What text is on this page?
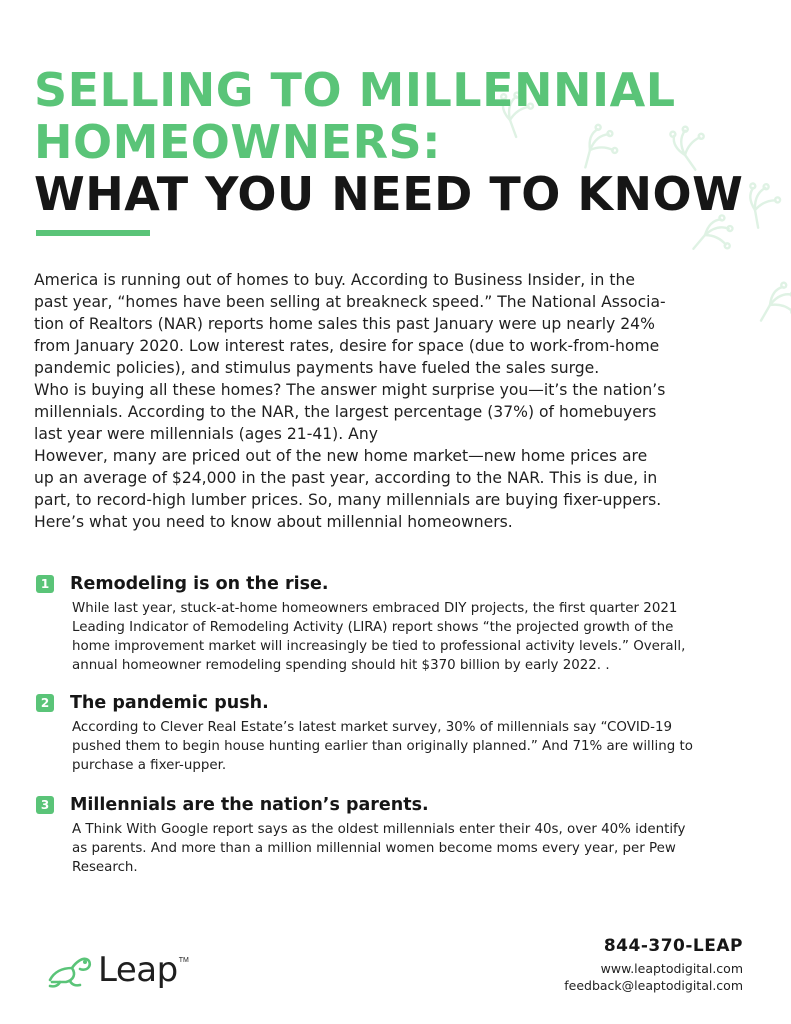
SELLING TO MILLENNIAL
HOMEOWNERS:
WHAT YOU NEED TO KNOW

America is running out of homes to buy. According to Business Insider, in the

past year, “homes have been selling at breakneck speed.” The National Associa-

tion of Realtors (NAR) reports home sales this past January were up nearly 24%

from January 2020. Low interest rates, desire for space (due to work-from-home

pandemic policies), and stimulus payments have fueled the sales surge.

Who is buying all these homes? The answer might surprise you—it’s the nation’s

millennials. According to the NAR, the largest percentage (37%) of homebuyers

last year were millennials (ages 21-41). Any

However, many are priced out of the new home market—new home prices are

up an average of $24,000 in the past year, according to the NAR. This is due, in

part, to record-high lumber prices. So, many millennials are buying fixer-uppers.

Here’s what you need to know about millennial homeowners.

1 Remodeling is on the rise.
While last year, stuck-at-home homeowners embraced DIY projects, the first quarter 2021
Leading Indicator of Remodeling Activity (LIRA) report shows “the projected growth of the
home improvement market will increasingly be tied to professional activity levels.” Overall,
annual homeowner remodeling spending should hit $370 billion by early 2022. .
2 The pandemic push.
According to Clever Real Estate’s latest market survey, 30% of millennials say “COVID-19
pushed them to begin house hunting earlier than originally planned.” And 71% are willing to
purchase a fixer-upper.
3 Millennials are the nation’s parents.
A Think With Google report says as the oldest millennials enter their 40s, over 40% identify
as parents. And more than a million millennial women become moms every year, per Pew
Research.
Leap TM
844-370-LEAP
www.leaptodigital.com
feedback@leaptodigital.com
